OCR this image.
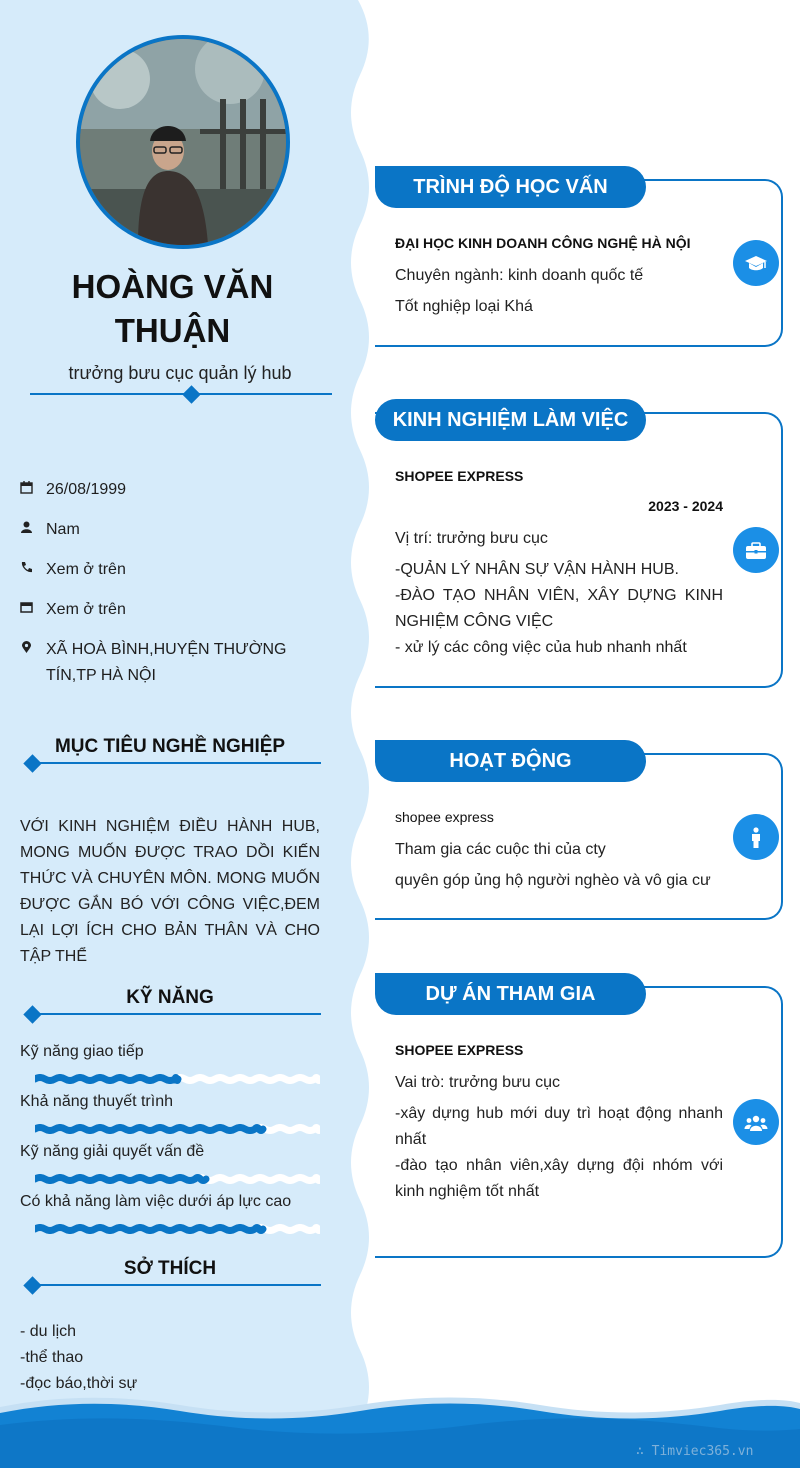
HOÀNG VĂN
THUẬN
trưởng bưu cục quản lý hub
26/08/1999
Nam
Xem ở trên
Xem ở trên
XÃ HOÀ BÌNH,HUYỆN THƯỜNG TÍN,TP HÀ NỘI
MỤC TIÊU NGHỀ NGHIỆP
VỚI KINH NGHIỆM ĐIỀU HÀNH HUB, MONG MUỐN ĐƯỢC TRAO DỒI KIẾN THỨC VÀ CHUYÊN MÔN. MONG MUỐN ĐƯỢC GẮN BÓ VỚI CÔNG VIỆC,ĐEM LẠI LỢI ÍCH CHO BẢN THÂN VÀ CHO TẬP THỂ
KỸ NĂNG
Kỹ năng giao tiếp
Khả năng thuyết trình
Kỹ năng giải quyết vấn đề
Có khả năng làm việc dưới áp lực cao
SỞ THÍCH
- du lịch
-thể thao
-đọc báo,thời sự
TRÌNH ĐỘ HỌC VẤN
ĐẠI HỌC KINH DOANH CÔNG NGHỆ HÀ NỘI
Chuyên ngành: kinh doanh quốc tế
Tốt nghiệp loại Khá
KINH NGHIỆM LÀM VIỆC
SHOPEE EXPRESS
2023 - 2024
Vị trí: trưởng bưu cục
-QUẢN LÝ NHÂN SỰ VẬN HÀNH HUB.
-ĐÀO TẠO NHÂN VIÊN, XÂY DỰNG KINH NGHIỆM CÔNG VIỆC
- xử lý các công việc của hub nhanh nhất
HOẠT ĐỘNG
shopee express
Tham gia các cuộc thi của cty
quyên góp ủng hộ người nghèo và vô gia cư
DỰ ÁN THAM GIA
SHOPEE EXPRESS
Vai trò: trưởng bưu cục
-xây dựng hub mới duy trì hoạt động nhanh nhất
-đào tạo nhân viên,xây dựng đội nhóm với kinh nghiệm tốt nhất
∴ Timviec365.vn
